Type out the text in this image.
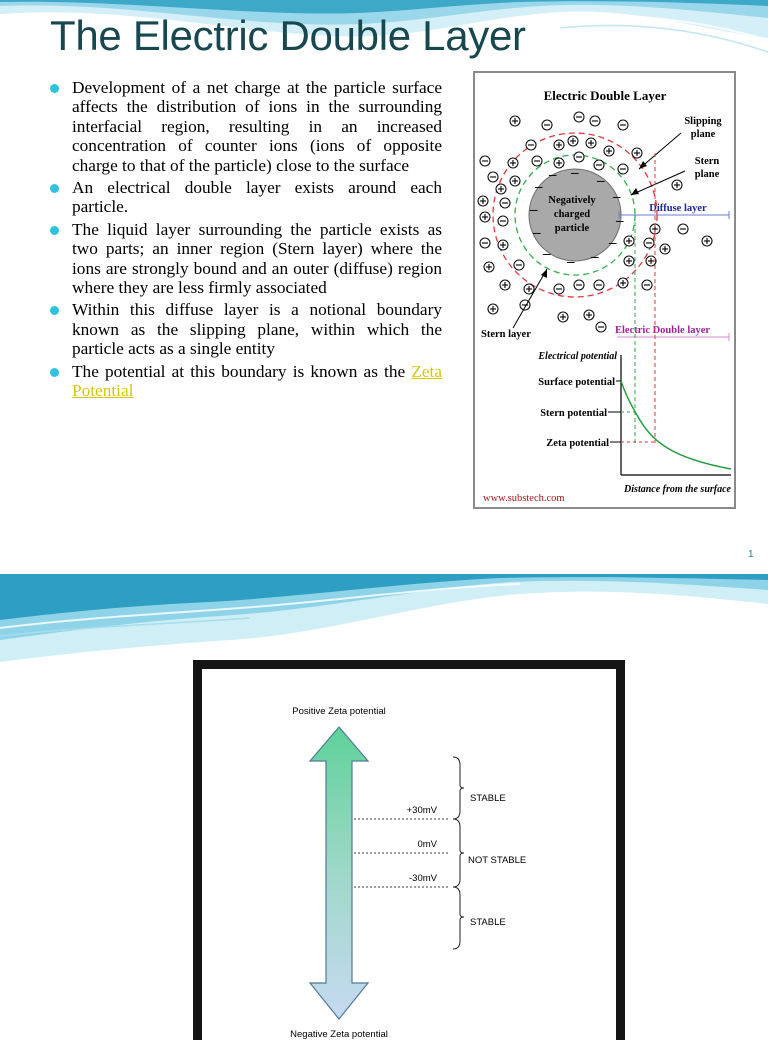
The Electric Double Layer
Development of a net charge at the particle surface affects the distribution of ions in the surrounding interfacial region, resulting in an increased concentration of counter ions (ions of opposite charge to that of the particle) close to the surface
An electrical double layer exists around each particle.
The liquid layer surrounding the particle exists as two parts; an inner region (Stern layer) where the ions are strongly bound and an outer (diffuse) region where they are less firmly associated
Within this diffuse layer is a notional boundary known as the slipping plane, within which the particle acts as a single entity
The potential at this boundary is known as the Zeta Potential
Electric Double Layer
– –
–
–
–
–
–
–
–
–
–
–
Negatively
charged
particle
Slipping
plane
Stern
plane
Diffuse layer
Stern layer	Electric Double layer
Electrical potential
Surface potential
Stern potential
Zeta potential
Distance from the surface
www.substech.com
1
Positive Zeta potential
+30mV
0mV
-30mV
STABLE
NOT STABLE
STABLE
Negative Zeta potential
